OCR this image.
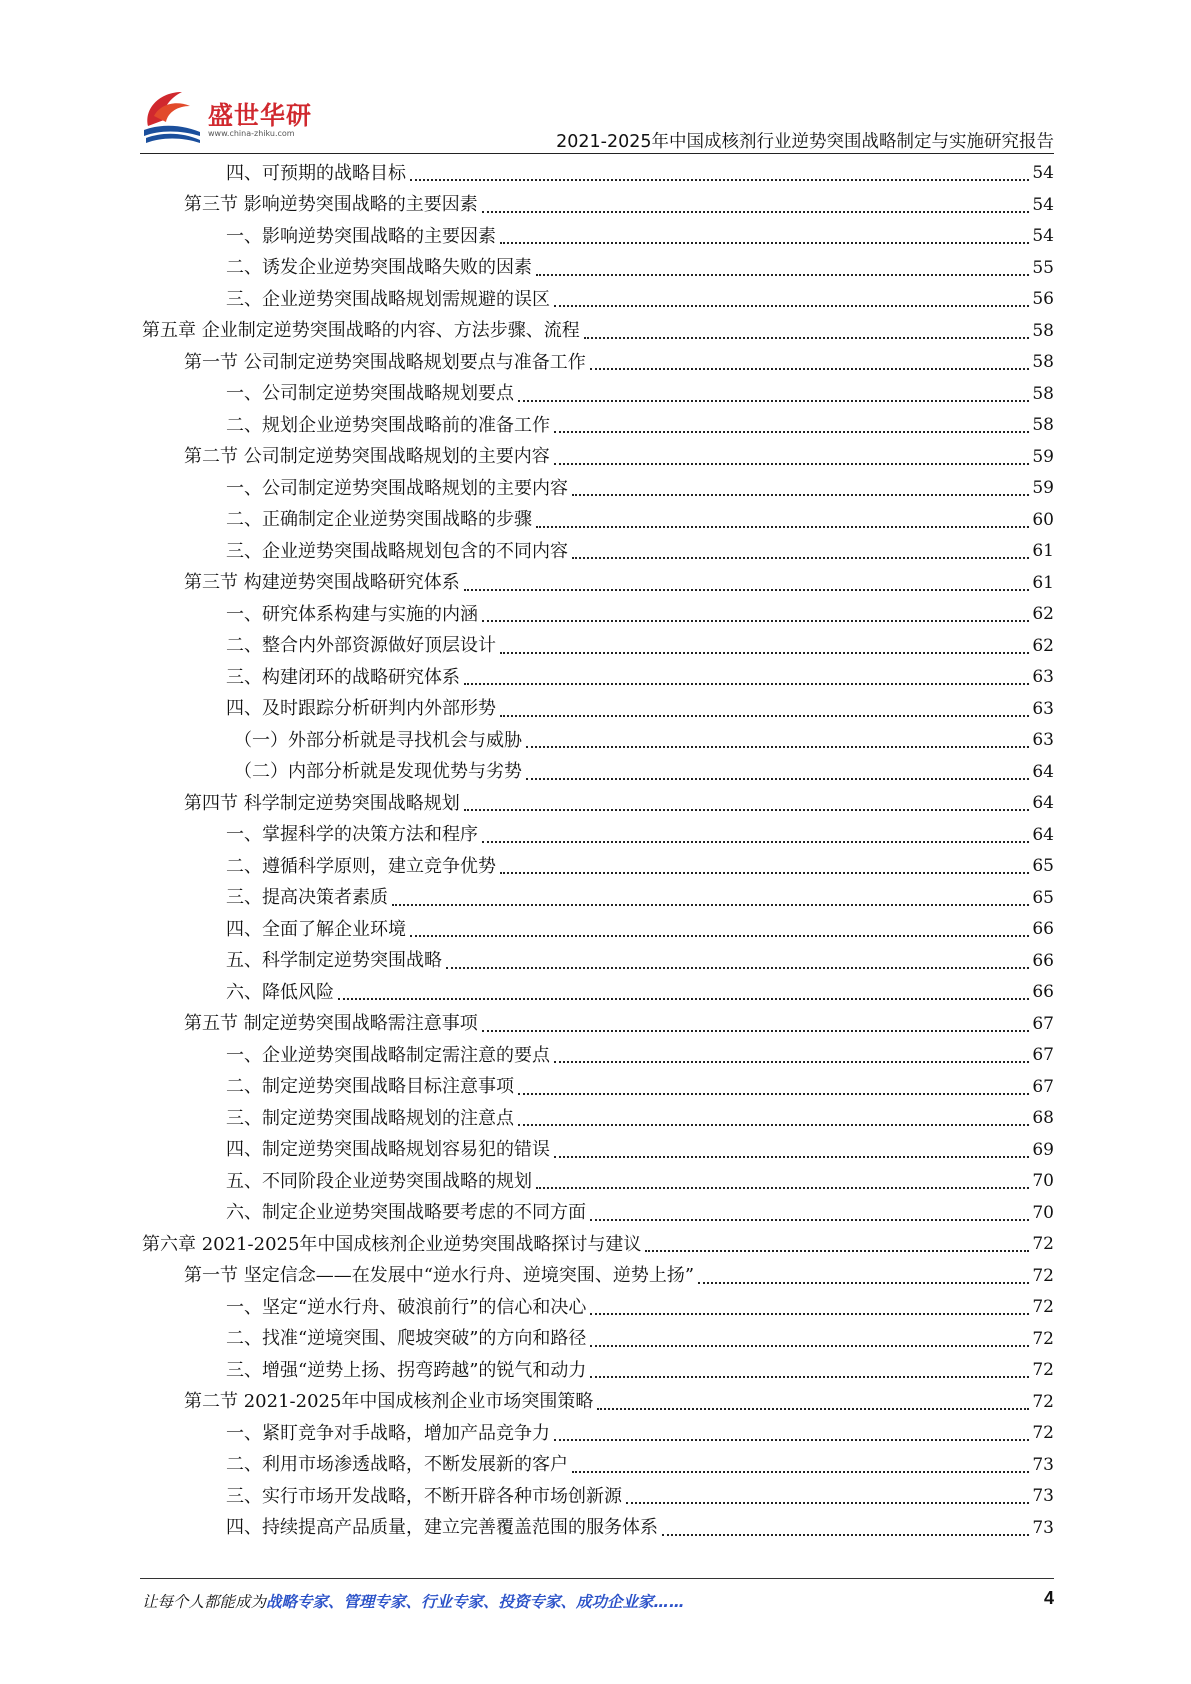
盛世华研
www.china-zhiku.com	2021-2025年中国成核剂行业逆势突围战略制定与实施研究报告
四、可预期的战略目标	54
第三节 影响逆势突围战略的主要因素	54
一、影响逆势突围战略的主要因素	54
二、诱发企业逆势突围战略失败的因素	55
三、企业逆势突围战略规划需规避的误区	56
第五章 企业制定逆势突围战略的内容、方法步骤、流程	58
第一节 公司制定逆势突围战略规划要点与准备工作	58
一、公司制定逆势突围战略规划要点	58
二、规划企业逆势突围战略前的准备工作	58
第二节 公司制定逆势突围战略规划的主要内容	59
一、公司制定逆势突围战略规划的主要内容	59
二、正确制定企业逆势突围战略的步骤	60
三、企业逆势突围战略规划包含的不同内容	61
第三节 构建逆势突围战略研究体系	61
一、研究体系构建与实施的内涵	62
二、整合内外部资源做好顶层设计	62
三、构建闭环的战略研究体系	63
四、及时跟踪分析研判内外部形势	63
（一）外部分析就是寻找机会与威胁	63
（二）内部分析就是发现优势与劣势	64
第四节 科学制定逆势突围战略规划	64
一、掌握科学的决策方法和程序	64
二、遵循科学原则，建立竞争优势	65
三、提高决策者素质	65
四、全面了解企业环境	66
五、科学制定逆势突围战略	66
六、降低风险	66
第五节 制定逆势突围战略需注意事项	67
一、企业逆势突围战略制定需注意的要点	67
二、制定逆势突围战略目标注意事项	67
三、制定逆势突围战略规划的注意点	68
四、制定逆势突围战略规划容易犯的错误	69
五、不同阶段企业逆势突围战略的规划	70
六、制定企业逆势突围战略要考虑的不同方面	70
第六章 2021-2025年中国成核剂企业逆势突围战略探讨与建议	72
第一节 坚定信念——在发展中“逆水行舟、逆境突围、逆势上扬”	72
一、坚定“逆水行舟、破浪前行”的信心和决心	72
二、找准“逆境突围、爬坡突破”的方向和路径	72
三、增强“逆势上扬、拐弯跨越”的锐气和动力	72
第二节 2021-2025年中国成核剂企业市场突围策略	72
一、紧盯竞争对手战略，增加产品竞争力	72
二、利用市场渗透战略，不断发展新的客户	73
三、实行市场开发战略，不断开辟各种市场创新源	73
四、持续提高产品质量，建立完善覆盖范围的服务体系	73
让每个人都能成为战略专家、管理专家、行业专家、投资专家、成功企业家……	4
